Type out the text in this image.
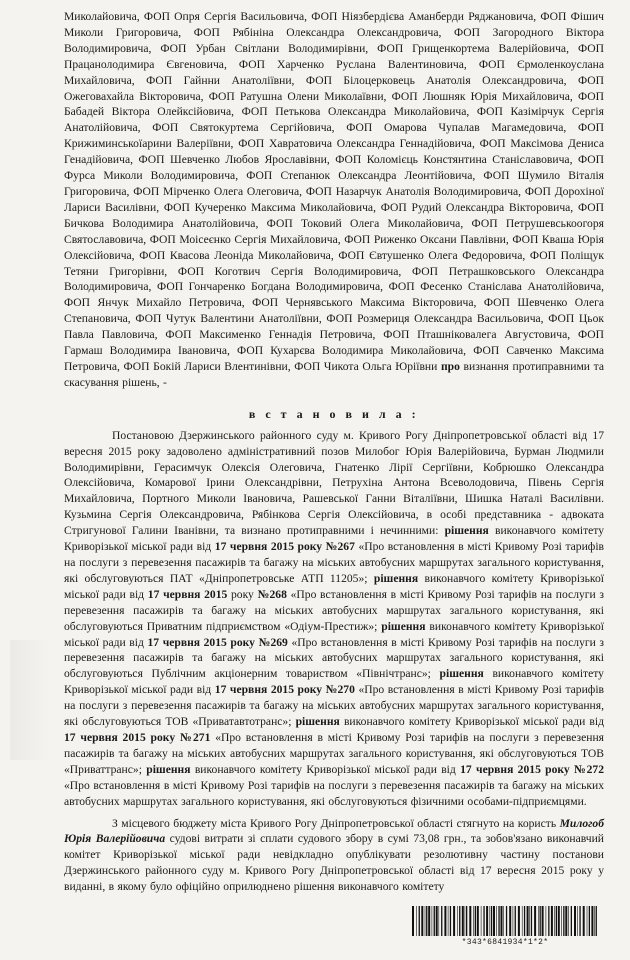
Миколайовича, ФОП Опря Сергія Васильовича, ФОП Ніязбердієва Аманберди Ряджановича, ФОП Фішич Миколи Григоровича, ФОП Рябініна Олександра Олександровича, ФОП Загородного Віктора Володимировича, ФОП Урбан Світлани Володимирівни, ФОП Грищенкортема Валерійовича, ФОП Працанолодимира Євгеновича, ФОП Харченко Руслана Валентиновича, ФОП Єрмоленкоуслана Михайловича, ФОП Гайнни Анатоліївни, ФОП Білоцерковець Анатолія Олександровича, ФОП Ожеговахайла Вікторовича, ФОП Ратушна Олени Миколаївни, ФОП Люшняк Юрія Михайловича, ФОП Бабадей Віктора Олейксійовича, ФОП Петькова Олександра Миколайовича, ФОП Казімірчук Сергія Анатолійовича, ФОП Святокуртема Сергійовича, ФОП Омарова Чупалав Магамедовича, ФОП Крижиминськоїарини Валеріївни, ФОП Хавратовича Олександра Геннадійовича, ФОП Максімова Дениса Генадійовича, ФОП Шевченко Любов Ярославівни, ФОП Коломієць Констянтина Станіславовича, ФОП Фурса Миколи Володимировича, ФОП Степанюк Олександра Леонтійовича, ФОП Шумило Віталія Григоровича, ФОП Мірченко Олега Олеговича, ФОП Назарчук Анатолія Володимировича, ФОП Дорохіної Лариси Василівни, ФОП Кучеренко Максима Миколайовича, ФОП Рудий Олександра Вікторовича, ФОП Бичкова Володимира Анатолійовича, ФОП Токовий Олега Миколайовича, ФОП Петрушевськоогоря Святославовича, ФОП Моісеєнко Сергія Михайловича, ФОП Риженко Оксани Павлівни, ФОП Кваша Юрія Олексійовича, ФОП Квасова Леоніда Миколайовича, ФОП Євтушенко Олега Федоровича, ФОП Поліщук Тетяни Григорівни, ФОП Коготвич Сергія Володимировича, ФОП Петрашковського Олександра Володимировича, ФОП Гончаренко Богдана Володимировича, ФОП Фесенко Станіслава Анатолійовича, ФОП Янчук Михайло Петровича, ФОП Чернявського Максима Вікторовича, ФОП Шевченко Олега Степановича, ФОП Чутук Валентини Анатоліївни, ФОП Розмериця Олександра Васильовича, ФОП Цьок Павла Павловича, ФОП Максименко Геннадія Петровича, ФОП Пташніковалега Августовича, ФОП Гармаш Володимира Івановича, ФОП Кухарєва Володимира Миколайовича, ФОП Савченко Максима Петровича, ФОП Бокій Лариси Влентинівни, ФОП Чикота Ольга Юріївни про визнання протиправними та скасування рішень, -

в с т а н о в и л а :

Постановою Дзержинського районного суду м. Кривого Рогу Дніпропетровської області від 17 вересня 2015 року задоволено адміністративний позов Милобог Юрія Валерійовича, Бурман Людмили Володимирівни, Герасимчук Олексія Олеговича, Гнатенко Лірії Сергіївни, Кобрюшко Олександра Олексійовича, Комарової Ірини Олександрівни, Петрухіна Антона Всеволодовича, Півень Сергія Михайловича, Портного Миколи Івановича, Рашевської Ганни Віталіївни, Шишка Наталі Василівни. Кузьмина Сергія Олександровича, Рябінкова Сергія Олексійовича, в особі представника - адвоката Стригунової Галини Іванівни, та визнано протиправними і нечинними: рішення виконавчого комітету Криворізької міської ради від 17 червня 2015 року №267 «Про встановлення в місті Кривому Розі тарифів на послуги з перевезення пасажирів та багажу на міських автобусних маршрутах загального користування, які обслуговуються ПАТ «Дніпропетровське АТП 11205»; рішення виконавчого комітету Криворізької міської ради від 17 червня 2015 року №268 «Про встановлення в місті Кривому Розі тарифів на послуги з перевезення пасажирів та багажу на міських автобусних маршрутах загального користування, які обслуговуються Приватним підприємством «Одіум-Престиж»; рішення виконавчого комітету Криворізької міської ради від 17 червня 2015 року №269 «Про встановлення в місті Кривому Розі тарифів на послуги з перевезення пасажирів та багажу на міських автобусних маршрутах загального користування, які обслуговуються Публічним акціонерним товариством «Північтранс»; рішення виконавчого комітету Криворізької міської ради від 17 червня 2015 року №270 «Про встановлення в місті Кривому Розі тарифів на послуги з перевезення пасажирів та багажу на міських автобусних маршрутах загального користування, які обслуговуються ТОВ «Приватавтотранс»; рішення виконавчого комітету Криворізької міської ради від 17 червня 2015 року №271 «Про встановлення в місті Кривому Розі тарифів на послуги з перевезення пасажирів та багажу на міських автобусних маршрутах загального користування, які обслуговуються ТОВ «Приваттранс»; рішення виконавчого комітету Криворізької міської ради від 17 червня 2015 року №272 «Про встановлення в місті Кривому Розі тарифів на послуги з перевезення пасажирів та багажу на міських автобусних маршрутах загального користування, які обслуговуються фізичними особами-підприємцями.

З місцевого бюджету міста Кривого Рогу Дніпропетровської області стягнуто на користь Милогоб Юрія Валерійовича судові витрати зі сплати судового збору в сумі 73,08 грн., та зобов'язано виконавчий комітет Криворізької міської ради невідкладно опублікувати резолютивну частину постанови Дзержинського районного суду м. Кривого Рогу Дніпропетровської області від 17 вересня 2015 року у виданні, в якому було офіційно оприлюднено рішення виконавчого комітету

*343*6841934*1*2*
